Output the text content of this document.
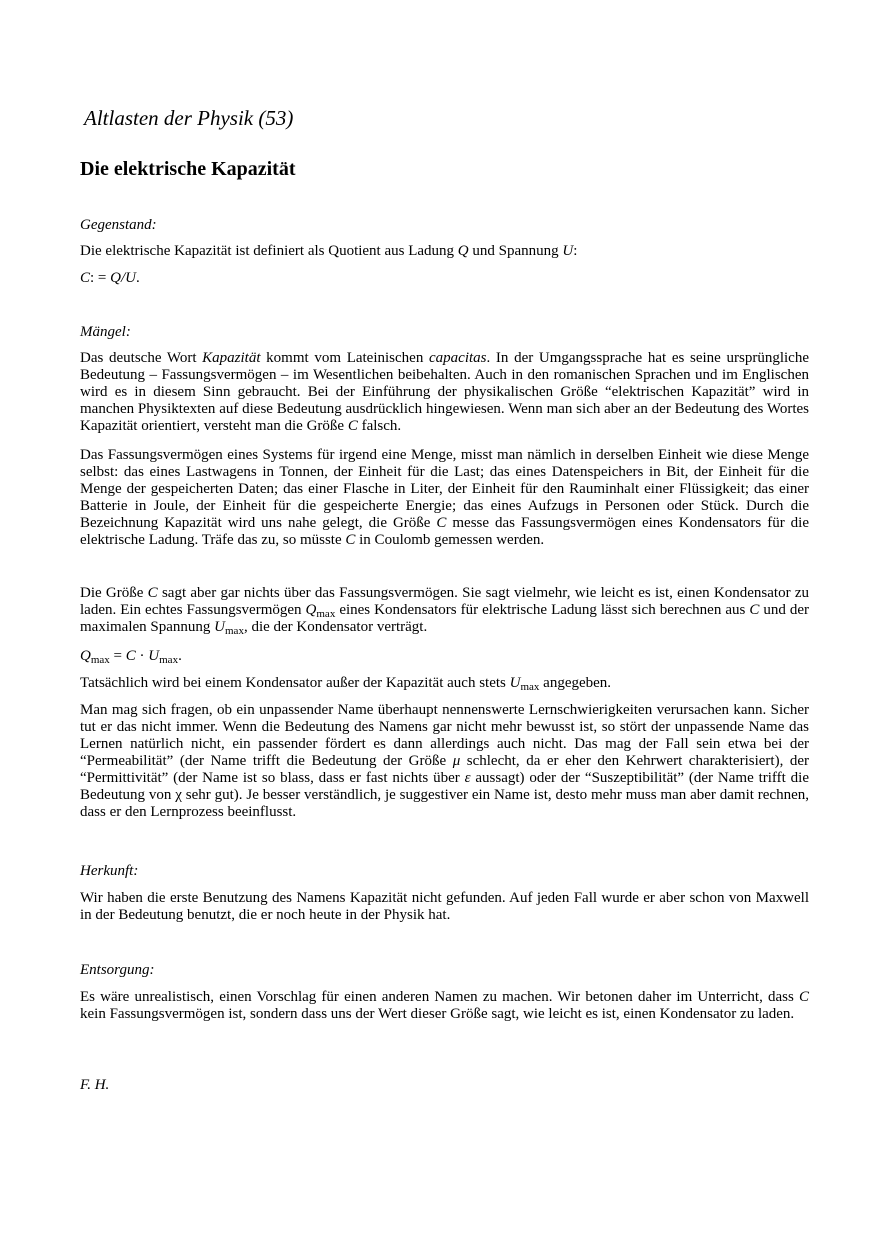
Altlasten der Physik (53)
Die elektrische Kapazität

Gegenstand:

Die elektrische Kapazität ist definiert als Quotient aus Ladung Q und Spannung U:

C: = Q/U.

Mängel:

Das deutsche Wort Kapazität kommt vom Lateinischen capacitas. In der Umgangssprache hat es seine ursprüngliche Bedeutung – Fassungsvermögen – im Wesentlichen beibehalten. Auch in den romanischen Sprachen und im Englischen wird es in diesem Sinn gebraucht. Bei der Einführung der physikalischen Größe “elektrischen Kapazität” wird in manchen Physiktexten auf diese Bedeutung ausdrücklich hingewiesen. Wenn man sich aber an der Bedeutung des Wortes Kapazität orientiert, versteht man die Größe C falsch.

Das Fassungsvermögen eines Systems für irgend eine Menge, misst man nämlich in derselben Einheit wie diese Menge selbst: das eines Lastwagens in Tonnen, der Einheit für die Last; das eines Datenspeichers in Bit, der Einheit für die Menge der gespeicherten Daten; das einer Flasche in Liter, der Einheit für den Rauminhalt einer Flüssigkeit; das einer Batterie in Joule, der Einheit für die gespeicherte Energie; das eines Aufzugs in Personen oder Stück. Durch die Bezeichnung Kapazität wird uns nahe gelegt, die Größe C messe das Fassungsvermögen eines Kondensators für die elektrische Ladung. Träfe das zu, so müsste C in Coulomb gemessen werden.

Die Größe C sagt aber gar nichts über das Fassungsvermögen. Sie sagt vielmehr, wie leicht es ist, einen Kondensator zu laden. Ein echtes Fassungsvermögen $Q_{max}$ eines Kondensators für elektrische Ladung lässt sich berechnen aus C und der maximalen Spannung $U_{max}$, die der Kondensator verträgt.

$Q_{max} = C \cdot U_{max}$.

Tatsächlich wird bei einem Kondensator außer der Kapazität auch stets $U_{max}$ angegeben.

Man mag sich fragen, ob ein unpassender Name überhaupt nennenswerte Lernschwierigkeiten verursachen kann. Sicher tut er das nicht immer. Wenn die Bedeutung des Namens gar nicht mehr bewusst ist, so stört der unpassende Name das Lernen natürlich nicht, ein passender fördert es dann allerdings auch nicht. Das mag der Fall sein etwa bei der “Permeabilität” (der Name trifft die Bedeutung der Größe μ schlecht, da er eher den Kehrwert charakterisiert), der “Permittivität” (der Name ist so blass, dass er fast nichts über ε aussagt) oder der “Suszeptibilität” (der Name trifft die Bedeutung von χ sehr gut). Je besser verständlich, je suggestiver ein Name ist, desto mehr muss man aber damit rechnen, dass er den Lernprozess beeinflusst.

Herkunft:

Wir haben die erste Benutzung des Namens Kapazität nicht gefunden. Auf jeden Fall wurde er aber schon von Maxwell in der Bedeutung benutzt, die er noch heute in der Physik hat.

Entsorgung:

Es wäre unrealistisch, einen Vorschlag für einen anderen Namen zu machen. Wir betonen daher im Unterricht, dass C kein Fassungsvermögen ist, sondern dass uns der Wert dieser Größe sagt, wie leicht es ist, einen Kondensator zu laden.

F. H.
